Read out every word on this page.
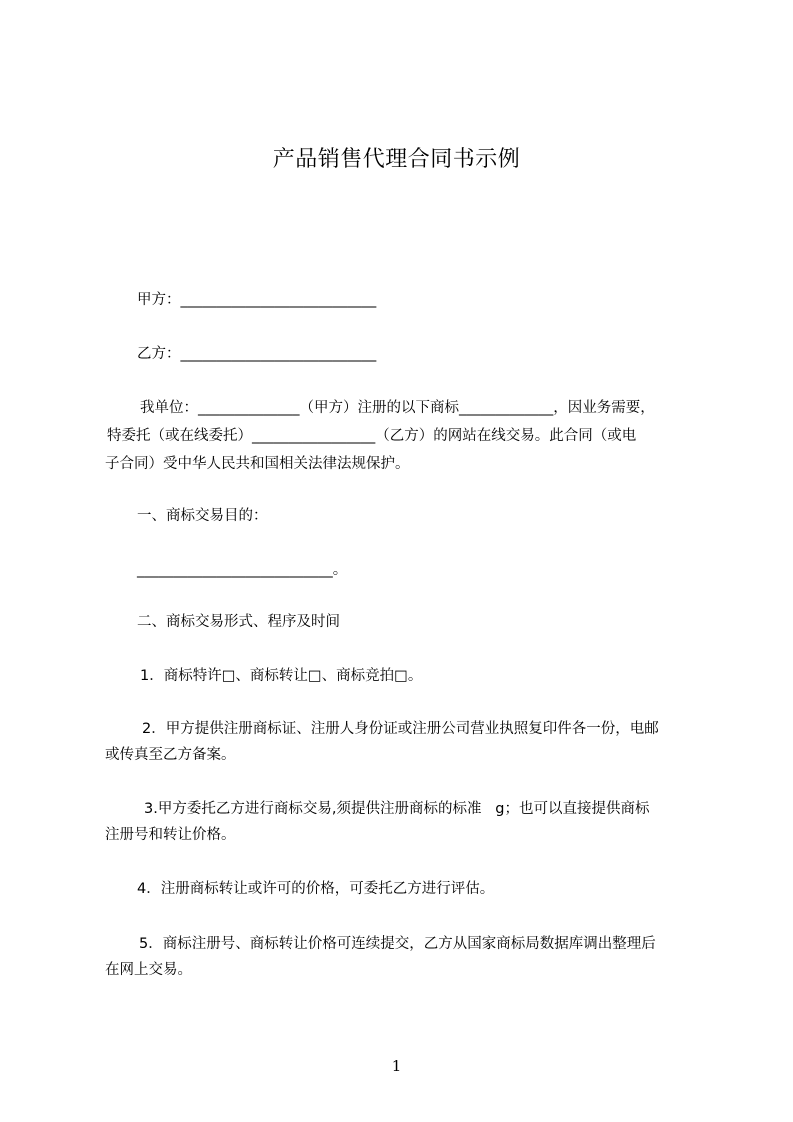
产品销售代理合同书示例
甲方：___________________________
乙方：___________________________
我单位：______________（甲方）注册的以下商标_____________，因业务需要，
特委托（或在线委托）_________________（乙方）的网站在线交易。此合同（或电
子合同）受中华人民共和国相关法律法规保护。
一、商标交易目的：
___________________________。
二、商标交易形式、程序及时间
1．商标特许□、商标转让□、商标竞拍□。
2．甲方提供注册商标证、注册人身份证或注册公司营业执照复印件各一份，电邮
或传真至乙方备案。
3.甲方委托乙方进行商标交易,须提供注册商标的标准   g；也可以直接提供商标
注册号和转让价格。
4．注册商标转让或许可的价格，可委托乙方进行评估。
5．商标注册号、商标转让价格可连续提交，乙方从国家商标局数据库调出整理后
在网上交易。
1
